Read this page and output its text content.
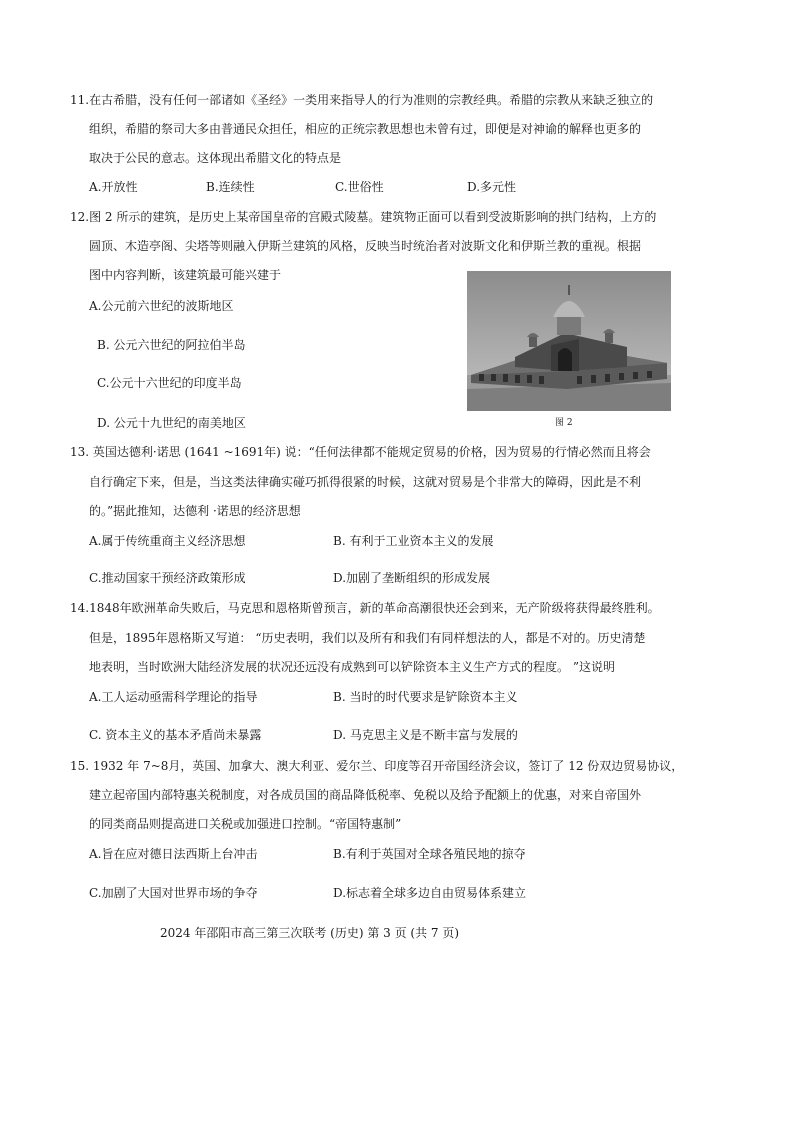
11.在古希腊，没有任何一部诸如《圣经》一类用来指导人的行为准则的宗教经典。希腊的宗教从来缺乏独立的
组织，希腊的祭司大多由普通民众担任，相应的正统宗教思想也未曾有过，即便是对神谕的解释也更多的
取决于公民的意志。这体现出希腊文化的特点是
A.开放性	B.连续性	C.世俗性	D.多元性
12.图 2 所示的建筑，是历史上某帝国皇帝的宫殿式陵墓。建筑物正面可以看到受波斯影响的拱门结构，上方的
圆顶、木造亭阁、尖塔等则融入伊斯兰建筑的风格，反映当时统治者对波斯文化和伊斯兰教的重视。根据
图中内容判断，该建筑最可能兴建于
A.公元前六世纪的波斯地区
B. 公元六世纪的阿拉伯半岛
C.公元十六世纪的印度半岛
D. 公元十九世纪的南美地区	图 2
13. 英国达德利·诺思 (1641 ~1691年) 说：“任何法律都不能规定贸易的价格，因为贸易的行情必然而且将会
自行确定下来，但是，当这类法律确实碰巧抓得很紧的时候，这就对贸易是个非常大的障碍，因此是不利
的。”据此推知，达德利 ·诺思的经济思想
A.属于传统重商主义经济思想	B. 有利于工业资本主义的发展
C.推动国家干预经济政策形成	D.加剧了垄断组织的形成发展
14.1848年欧洲革命失败后，马克思和恩格斯曾预言，新的革命高潮很快还会到来，无产阶级将获得最终胜利。
但是，1895年恩格斯又写道： “历史表明，我们以及所有和我们有同样想法的人，都是不对的。历史清楚
地表明，当时欧洲大陆经济发展的状况还远没有成熟到可以铲除资本主义生产方式的程度。 ”这说明
A.工人运动亟需科学理论的指导	B. 当时的时代要求是铲除资本主义
C. 资本主义的基本矛盾尚未暴露	D. 马克思主义是不断丰富与发展的
15. 1932 年 7~8月，英国、加拿大、澳大利亚、爱尔兰、印度等召开帝国经济会议，签订了 12 份双边贸易协议，
建立起帝国内部特惠关税制度，对各成员国的商品降低税率、免税以及给予配额上的优惠，对来自帝国外
的同类商品则提高进口关税或加强进口控制。“帝国特惠制”
A.旨在应对德日法西斯上台冲击	B.有利于英国对全球各殖民地的掠夺
C.加剧了大国对世界市场的争夺	D.标志着全球多边自由贸易体系建立
2024 年邵阳市高三第三次联考 (历史) 第 3 页 (共 7 页)
